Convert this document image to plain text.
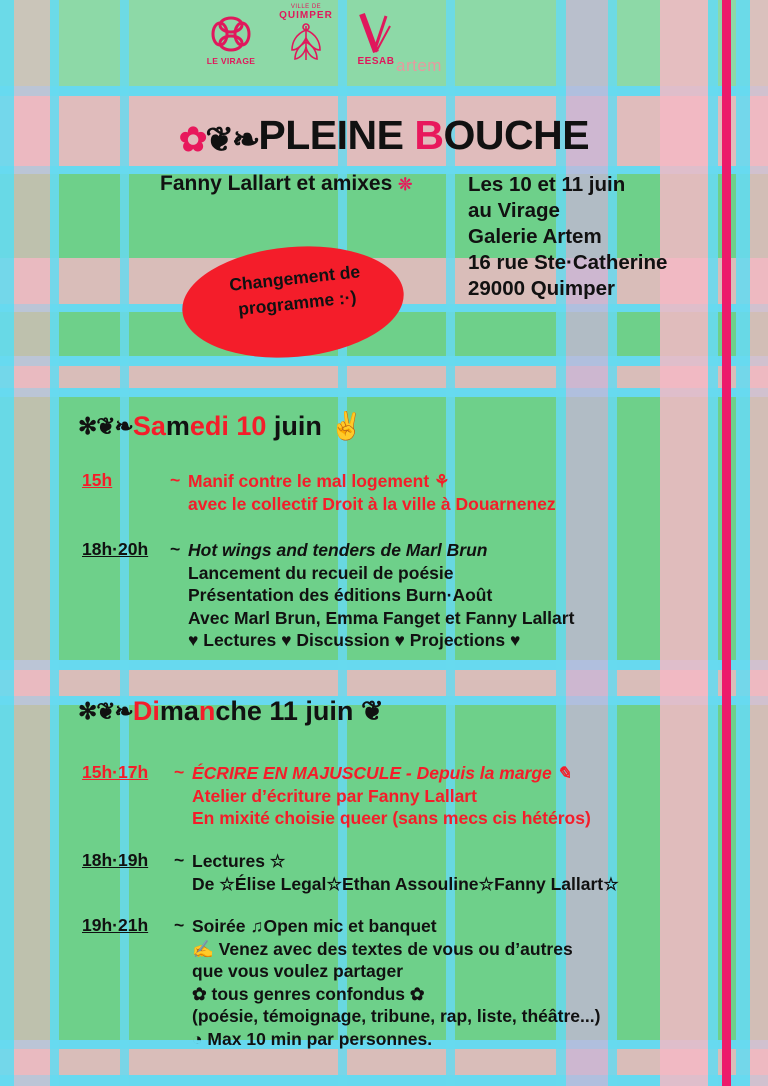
LE VIRAGE
VILLE DE
QUIMPER
EESAB artem
✿❦❧PLEINE BOUCHE
Fanny Lallart et amixes ❊	Les 10 et 11 juin
au Virage
Galerie Artem
16 rue Ste·Catherine
29000 Quimper
Changement de
programme :·)
✻❦❧Samedi 10 juin ✌
15h	~ Manif contre le mal logement ⚘
avec le collectif Droit à la ville à Douarnenez
18h·20h ~ Hot wings and tenders de Marl Brun
Lancement du recueil de poésie
Présentation des éditions Burn·Août
Avec Marl Brun, Emma Fanget et Fanny Lallart
♥ Lectures ♥ Discussion ♥ Projections ♥
✻❦❧Dimanche 11 juin ❦
15h·17h ~ ÉCRIRE EN MAJUSCULE - Depuis la marge ✎
Atelier d’écriture par Fanny Lallart
En mixité choisie queer (sans mecs cis hétéros)
18h·19h ~ Lectures ☆
De ☆Élise Legal☆Ethan Assouline☆Fanny Lallart☆
19h·21h ~ Soirée ♫Open mic et banquet
✍ Venez avec des textes de vous ou d’autres
que vous voulez partager
✿ tous genres confondus ✿
(poésie, témoignage, tribune, rap, liste, théâtre...)
◔ Max 10 min par personnes.
